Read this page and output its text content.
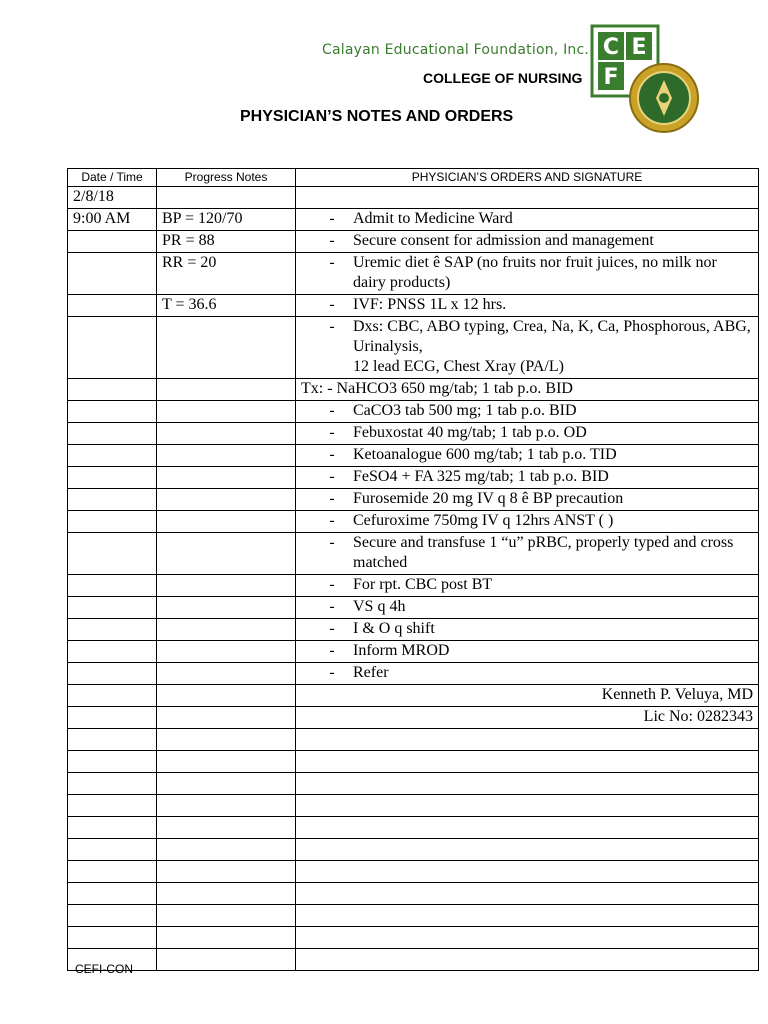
Calayan Educational Foundation, Inc.
COLLEGE OF NURSING
PHYSICIAN’S NOTES AND ORDERS
C E
F
Date / Time	Progress Notes	PHYSICIAN’S ORDERS AND SIGNATURE
2/8/18		
9:00 AM	BP = 120/70	- Admit to Medicine Ward

	PR = 88	- Secure consent for admission and management

	RR = 20	- Uremic diet ê SAP (no fruits nor fruit juices, no milk nor dairy products)

	T = 36.6	- IVF: PNSS 1L x 12 hrs.

		- Dxs: CBC, ABO typing, Crea, Na, K, Ca, Phosphorous, ABG, Urinalysis,
12 lead ECG, Chest Xray (PA/L)

		Tx: - NaHCO3 650 mg/tab; 1 tab p.o. BID

		- CaCO3 tab 500 mg; 1 tab p.o. BID

		- Febuxostat 40 mg/tab; 1 tab p.o. OD

		- Ketoanalogue 600 mg/tab; 1 tab p.o. TID

		- FeSO4 + FA 325 mg/tab; 1 tab p.o. BID

		- Furosemide 20 mg IV q 8 ê BP precaution

		- Cefuroxime 750mg IV q 12hrs ANST ( )

		- Secure and transfuse 1 “u” pRBC, properly typed and cross matched

		- For rpt. CBC post BT

		- VS q 4h

		- I & O q shift

		- Inform MROD

		- Refer

		Kenneth P. Veluya, MD
		Lic No: 0282343

CEFI-CON
